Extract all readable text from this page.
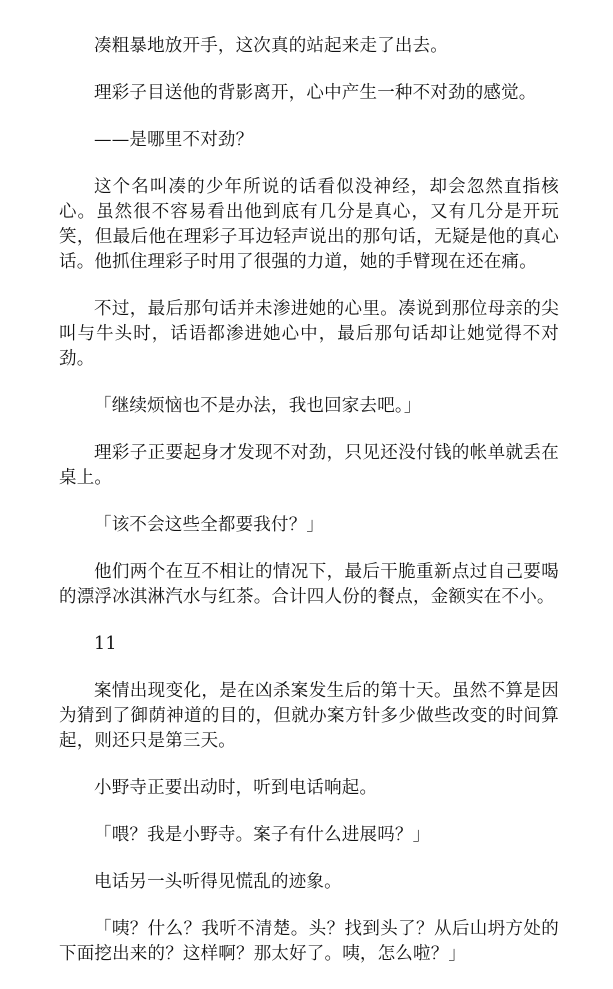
凑粗暴地放开手，这次真的站起来走了出去。

理彩子目送他的背影离开，心中产生一种不对劲的感觉。

——是哪里不对劲？

这个名叫凑的少年所说的话看似没神经，却会忽然直指核心。虽然很不容易看出他到底有几分是真心，又有几分是开玩笑，但最后他在理彩子耳边轻声说出的那句话，无疑是他的真心话。他抓住理彩子时用了很强的力道，她的手臂现在还在痛。

不过，最后那句话并未渗进她的心里。凑说到那位母亲的尖叫与牛头时，话语都渗进她心中，最后那句话却让她觉得不对劲。

「继续烦恼也不是办法，我也回家去吧。」

理彩子正要起身才发现不对劲，只见还没付钱的帐单就丢在桌上。

「该不会这些全都要我付？」

他们两个在互不相让的情况下，最后干脆重新点过自己要喝的漂浮冰淇淋汽水与红茶。合计四人份的餐点，金额实在不小。

11

案情出现变化，是在凶杀案发生后的第十天。虽然不算是因为猜到了御荫神道的目的，但就办案方针多少做些改变的时间算起，则还只是第三天。

小野寺正要出动时，听到电话响起。

「喂？我是小野寺。案子有什么进展吗？」

电话另一头听得见慌乱的迹象。

「咦？什么？我听不清楚。头？找到头了？从后山坍方处的下面挖出来的？这样啊？那太好了。咦，怎么啦？」
